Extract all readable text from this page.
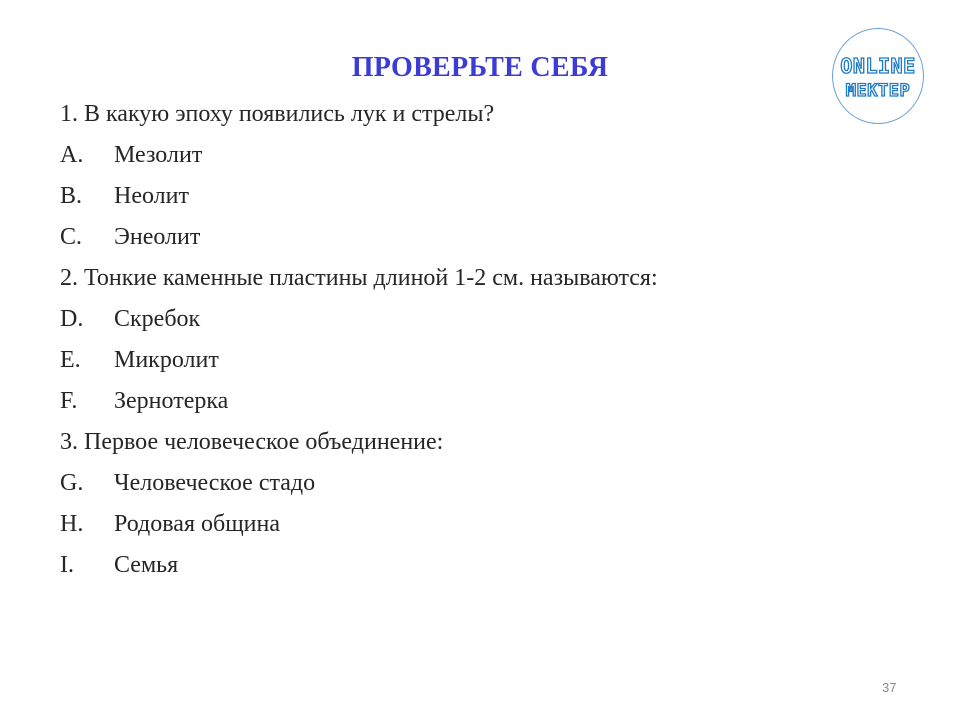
ПРОВЕРЬТЕ СЕБЯ	ONLINE
MEKTEP
1. В какую эпоху появились лук и стрелы?
A.	Мезолит
B.	Неолит
C.	Энеолит
2. Тонкие каменные пластины длиной 1-2 см. называются:
D.	Скребок
E.	Микролит
F.	Зернотерка
3. Первое человеческое объединение:
G.	Человеческое стадо
H.	Родовая община
I.	Семья
37
